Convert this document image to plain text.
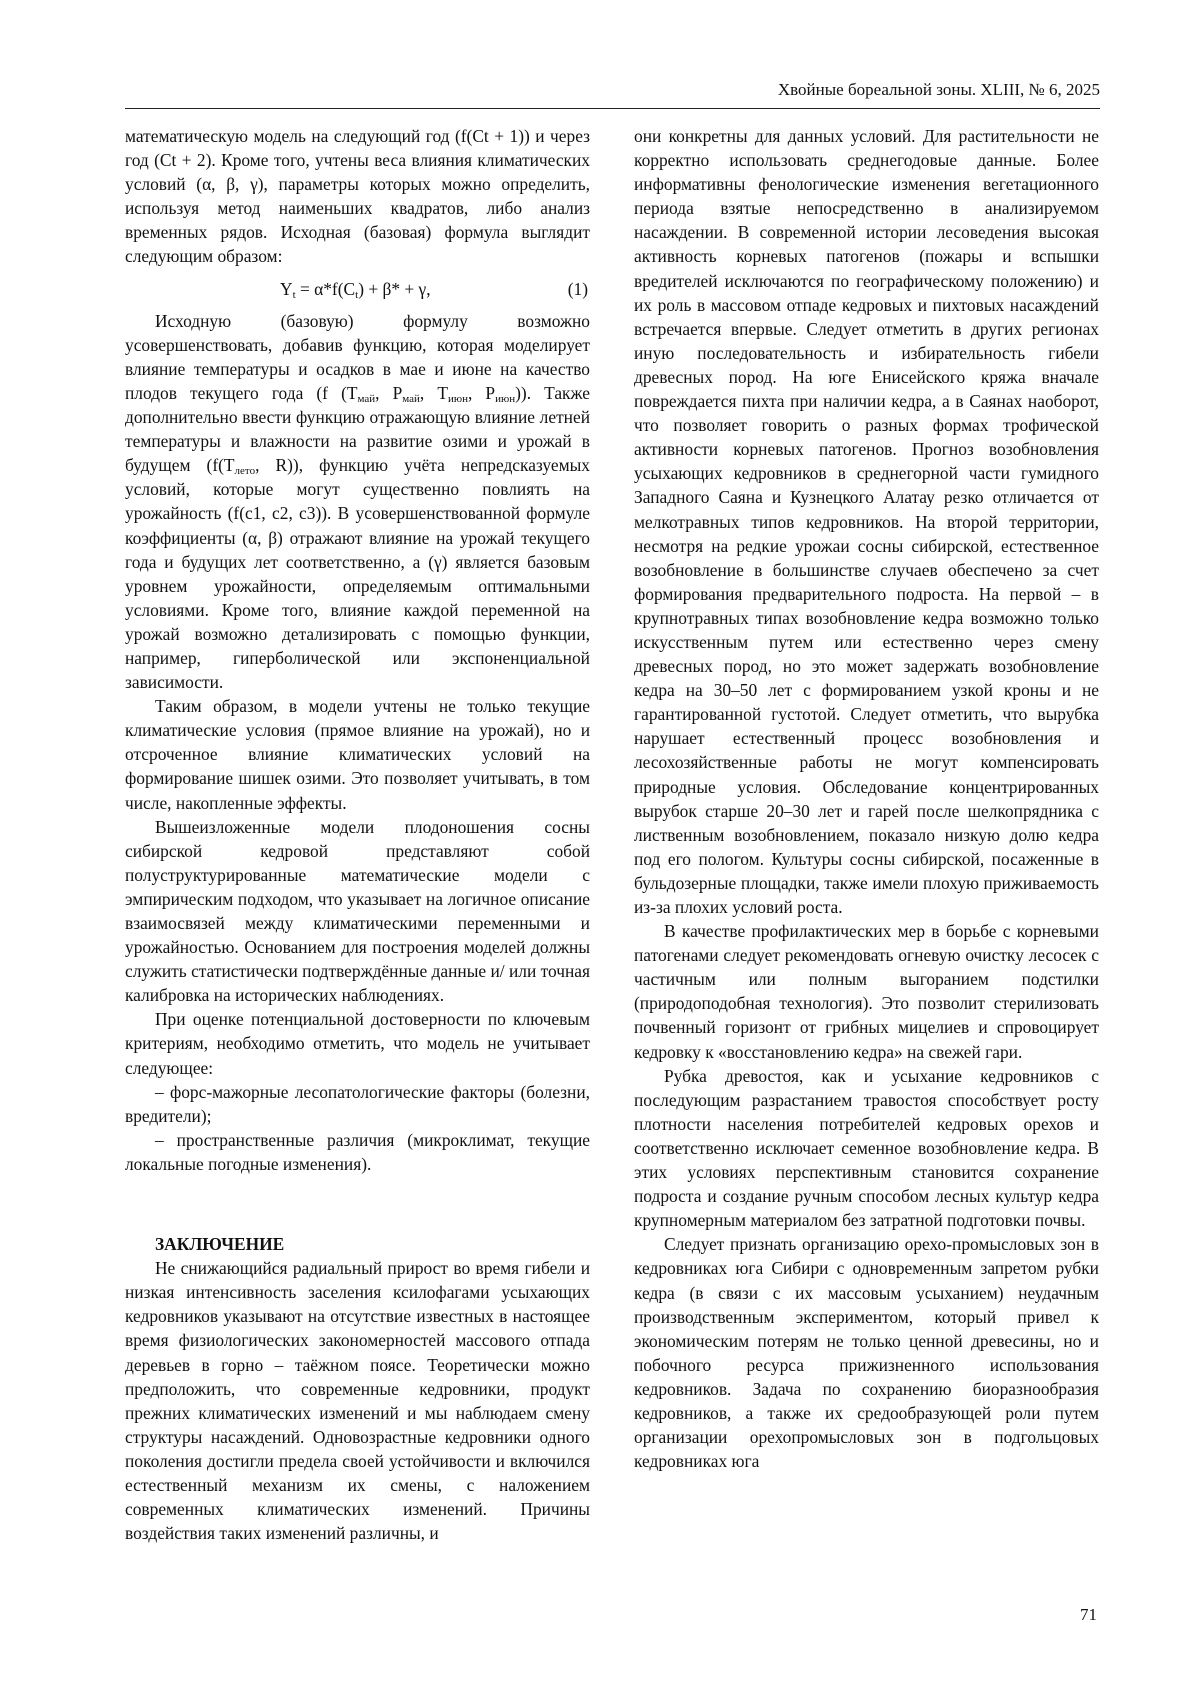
Хвойные бореальной зоны. XLIII, № 6, 2025

математическую модель на следующий год (f(Ct + 1)) и через год (Ct + 2). Кроме того, учтены веса влияния климатических условий (α, β, γ), параметры которых можно определить, используя метод наименьших квадратов, либо анализ временных рядов. Исходная (базовая) формула выглядит следующим образом:

$Y_t = \alpha*f(C_t) + \beta* + \gamma$,	(1)

Исходную (базовую) формулу возможно усовершенствовать, добавив функцию, которая моделирует влияние температуры и осадков в мае и июне на качество плодов текущего года (f ($T_{май}$, $P_{май}$, $T_{июн}$, $P_{июн}$)). Также дополнительно ввести функцию отражающую влияние летней температуры и влажности на развитие озими и урожай в будущем ($f(T_{лето}$, R)), функцию учёта непредсказуемых условий, которые могут существенно повлиять на урожайность (f(c1, c2, c3)). В усовершенствованной формуле коэффициенты (α, β) отражают влияние на урожай текущего года и будущих лет соответственно, а (γ) является базовым уровнем урожайности, определяемым оптимальными условиями. Кроме того, влияние каждой переменной на урожай возможно детализировать с помощью функции, например, гиперболической или экспоненциальной зависимости.

Таким образом, в модели учтены не только текущие климатические условия (прямое влияние на урожай), но и отсроченное влияние климатических условий на формирование шишек озими. Это позволяет учитывать, в том числе, накопленные эффекты.

Вышеизложенные модели плодоношения сосны сибирской кедровой представляют собой полуструктурированные математические модели с эмпирическим подходом, что указывает на логичное описание взаимосвязей между климатическими переменными и урожайностью. Основанием для построения моделей должны служить статистически подтверждённые данные и/ или точная калибровка на исторических наблюдениях.

При оценке потенциальной достоверности по ключевым критериям, необходимо отметить, что модель не учитывает следующее:

– форс-мажорные лесопатологические факторы (болезни, вредители);

– пространственные различия (микроклимат, текущие локальные погодные изменения).

ЗАКЛЮЧЕНИЕ

Не снижающийся радиальный прирост во время гибели и низкая интенсивность заселения ксилофагами усыхающих кедровников указывают на отсутствие известных в настоящее время физиологических закономерностей массового отпада деревьев в горно – таёжном поясе. Теоретически можно предположить, что современные кедровники, продукт прежних климатических изменений и мы наблюдаем смену структуры насаждений. Одновозрастные кедровники одного поколения достигли предела своей устойчивости и включился естественный механизм их смены, с наложением современных климатических изменений. Причины воздействия таких изменений различны, и

они конкретны для данных условий. Для растительности не корректно использовать среднегодовые данные. Более информативны фенологические изменения вегетационного периода взятые непосредственно в анализируемом насаждении. В современной истории лесоведения высокая активность корневых патогенов (пожары и вспышки вредителей исключаются по географическому положению) и их роль в массовом отпаде кедровых и пихтовых насаждений встречается впервые. Следует отметить в других регионах иную последовательность и избирательность гибели древесных пород. На юге Енисейского кряжа вначале повреждается пихта при наличии кедра, а в Саянах наоборот, что позволяет говорить о разных формах трофической активности корневых патогенов. Прогноз возобновления усыхающих кедровников в среднегорной части гумидного Западного Саяна и Кузнецкого Алатау резко отличается от мелкотравных типов кедровников. На второй территории, несмотря на редкие урожаи сосны сибирской, естественное возобновление в большинстве случаев обеспечено за счет формирования предварительного подроста. На первой – в крупнотравных типах возобновление кедра возможно только искусственным путем или естественно через смену древесных пород, но это может задержать возобновление кедра на 30–50 лет с формированием узкой кроны и не гарантированной густотой. Следует отметить, что вырубка нарушает естественный процесс возобновления и лесохозяйственные работы не могут компенсировать природные условия. Обследование концентрированных вырубок старше 20–30 лет и гарей после шелкопрядника с лиственным возобновлением, показало низкую долю кедра под его пологом. Культуры сосны сибирской, посаженные в бульдозерные площадки, также имели плохую приживаемость из-за плохих условий роста.

В качестве профилактических мер в борьбе с корневыми патогенами следует рекомендовать огневую очистку лесосек с частичным или полным выгоранием подстилки (природоподобная технология). Это позволит стерилизовать почвенный горизонт от грибных мицелиев и спровоцирует кедровку к «восстановлению кедра» на свежей гари.

Рубка древостоя, как и усыхание кедровников с последующим разрастанием травостоя способствует росту плотности населения потребителей кедровых орехов и соответственно исключает семенное возобновление кедра. В этих условиях перспективным становится сохранение подроста и создание ручным способом лесных культур кедра крупномерным материалом без затратной подготовки почвы.

Следует признать организацию орехо-промысловых зон в кедровниках юга Сибири с одновременным запретом рубки кедра (в связи с их массовым усыханием) неудачным производственным экспериментом, который привел к экономическим потерям не только ценной древесины, но и побочного ресурса прижизненного использования кедровников. Задача по сохранению биоразнообразия кедровников, а также их средообразующей роли путем организации орехопромысловых зон в подгольцовых кедровниках юга

71
